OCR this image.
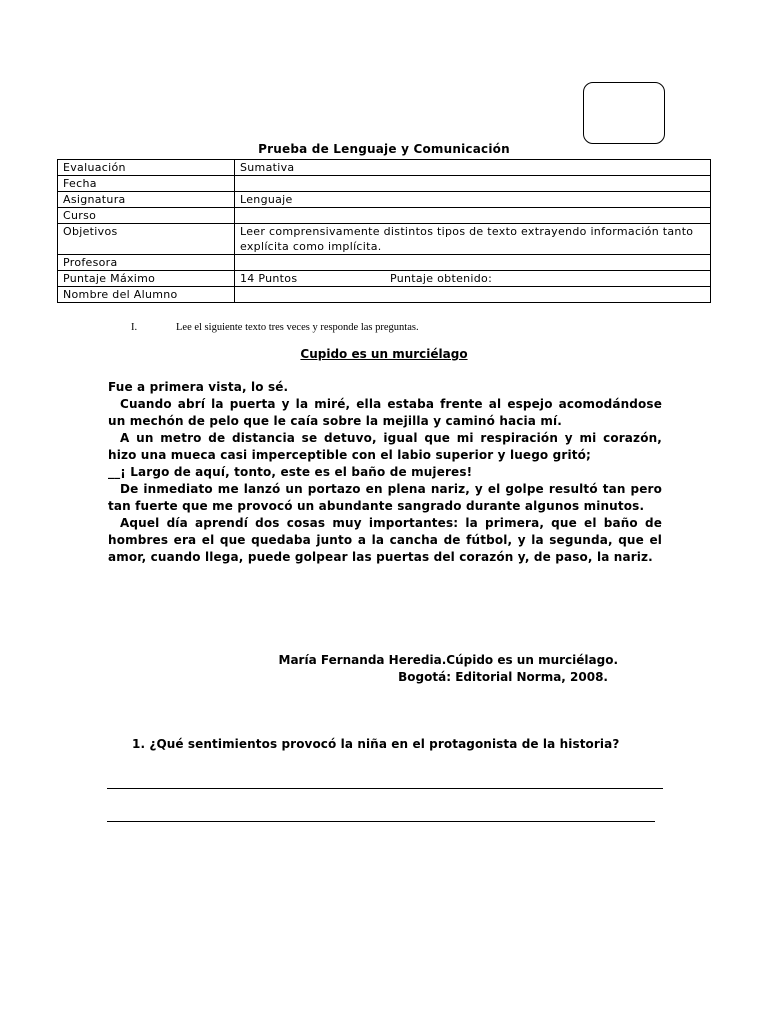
Prueba de Lenguaje y Comunicación
Evaluación	Sumativa
Fecha	
Asignatura	Lenguaje
Curso	
Objetivos	Leer comprensivamente distintos tipos de texto extrayendo información tanto explícita como implícita.
Profesora	
Puntaje Máximo	14 Puntos Puntaje obtenido:

Nombre del Alumno	
I.	Lee el siguiente texto tres veces y responde las preguntas.
Cupido es un murciélago

Fue a primera vista, lo sé.

Cuando abrí la puerta y la miré, ella estaba frente al espejo acomodándose un mechón de pelo que le caía sobre la mejilla y caminó hacia mí.

A un metro de distancia se detuvo, igual que mi respiración y mi corazón, hizo una mueca casi imperceptible con el labio superior y luego gritó;

__¡ Largo de aquí, tonto, este es el baño de mujeres!

De inmediato me lanzó un portazo en plena nariz, y el golpe resultó tan pero tan fuerte que me provocó un abundante sangrado durante algunos minutos.

Aquel día aprendí dos cosas muy importantes: la primera, que el baño de hombres era el que quedaba junto a la cancha de fútbol, y la segunda, que el amor, cuando llega, puede golpear las puertas del corazón y, de paso, la nariz.

María Fernanda Heredia.Cúpido es un murciélago.
Bogotá: Editorial Norma, 2008.
1. ¿Qué sentimientos provocó la niña en el protagonista de la historia?
